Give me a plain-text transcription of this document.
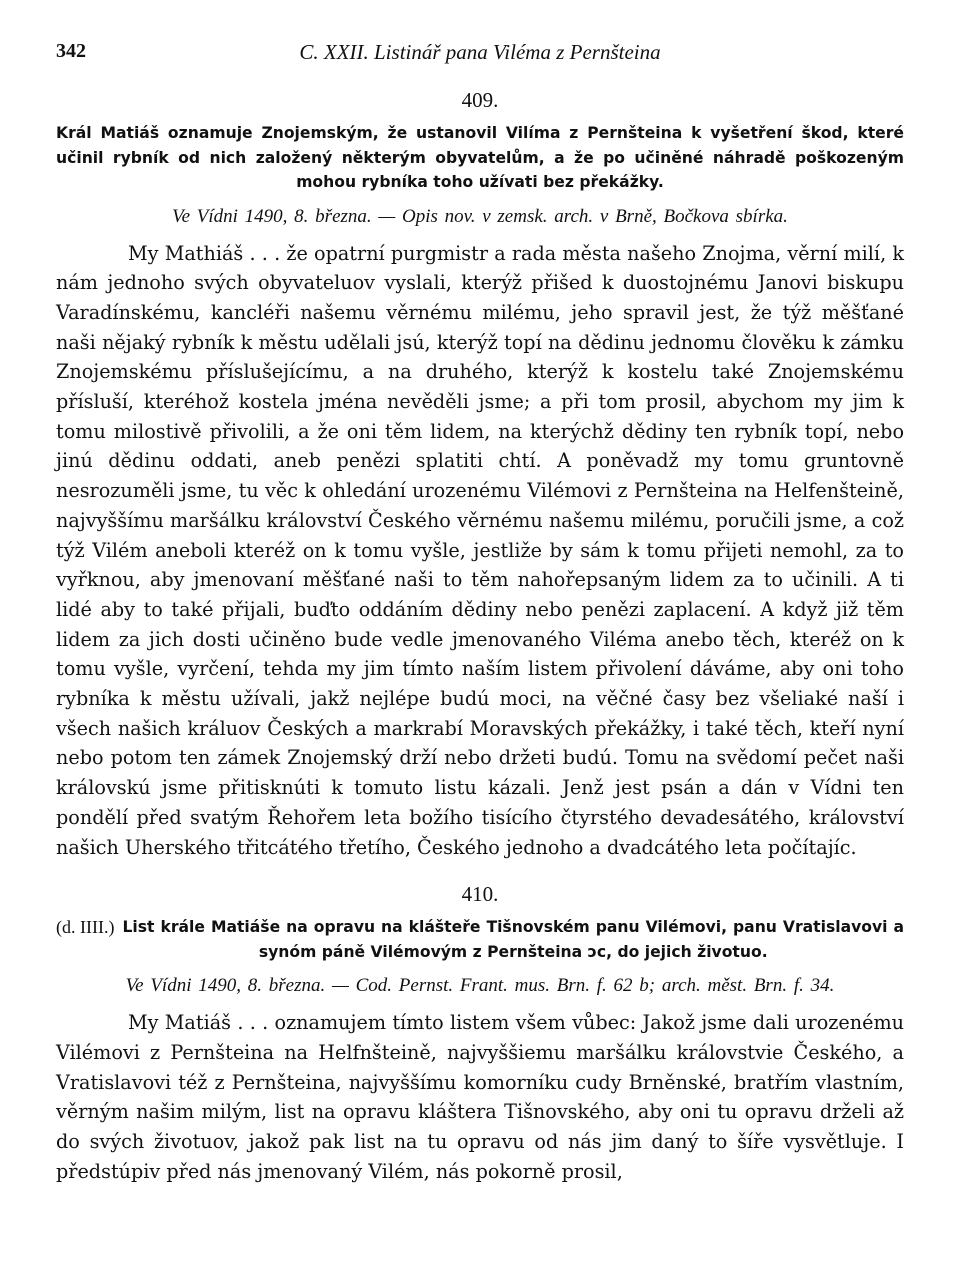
342	C. XXII. Listinář pana Viléma z Pernšteina
409.
Král Matiáš oznamuje Znojemským, že ustanovil Vilíma z Pernšteina k vyšetření škod, které učinil rybník od nich založený některým obyvatelům, a že po učiněné náhradě poškozeným mohou rybníka toho užívati bez překážky.
Ve Vídni 1490, 8. března. — Opis nov. v zemsk. arch. v Brně, Bočkova sbírka.

My Mathiáš . . . že opatrní purgmistr a rada města našeho Znojma, věrní milí, k nám jednoho svých obyvateluov vyslali, kterýž přišed k duostojnému Janovi biskupu Varadínskému, kancléři našemu věrnému milému, jeho spravil jest, že týž měšťané naši nějaký rybník k městu udělali jsú, kterýž topí na dědinu jednomu člověku k zámku Znojemskému příslušejícímu, a na druhého, kterýž k kostelu také Znojemskému přísluší, kteréhož kostela jména nevěděli jsme; a při tom prosil, abychom my jim k tomu milostivě přivolili, a že oni těm lidem, na kterýchž dědiny ten rybník topí, nebo jinú dědinu oddati, aneb penězi splatiti chtí. A poněvadž my tomu gruntovně nesrozuměli jsme, tu věc k ohledání urozenému Vilémovi z Pernšteina na Helfenšteině, najvyššímu maršálku království Českého věrnému našemu milému, poručili jsme, a což týž Vilém aneboli kteréž on k tomu vyšle, jestliže by sám k tomu přijeti nemohl, za to vyřknou, aby jmenovaní měšťané naši to těm nahořepsaným lidem za to učinili. A ti lidé aby to také přijali, buďto oddáním dědiny nebo penězi zaplacení. A když již těm lidem za jich dosti učiněno bude vedle jmenovaného Viléma anebo těch, kteréž on k tomu vyšle, vyrčení, tehda my jim tímto naším listem přivolení dáváme, aby oni toho rybníka k městu užívali, jakž nejlépe budú moci, na věčné časy bez všeliaké naší i všech našich králuov Českých a markrabí Moravských překážky, i také těch, kteří nyní nebo potom ten zámek Znojemský drží nebo držeti budú. Tomu na svědomí pečet naši královskú jsme přitisknúti k tomuto listu kázali. Jenž jest psán a dán v Vídni ten pondělí před svatým Řehořem leta božího tisícího čtyrstého devadesátého, království našich Uherského třitcátého třetího, Českého jednoho a dvadcátého leta počítajíc.

410.
(d. IIII.) List krále Matiáše na opravu na klášteře Tišnovském panu Vilémovi, panu Vratislavovi a synóm páně Vilémovým z Pernšteina ɔc, do jejich životuo.
Ve Vídni 1490, 8. března. — Cod. Pernst. Frant. mus. Brn. f. 62 b; arch. měst. Brn. f. 34.

My Matiáš . . . oznamujem tímto listem všem vůbec: Jakož jsme dali urozenému Vilémovi z Pernšteina na Helfnšteině, najvyššiemu maršálku královstvie Českého, a Vratislavovi též z Pernšteina, najvyššímu komorníku cudy Brněnské, bratřím vlastním, věrným našim milým, list na opravu kláštera Tišnovského, aby oni tu opravu drželi až do svých životuov, jakož pak list na tu opravu od nás jim daný to šíře vysvětluje. I předstúpiv před nás jmenovaný Vilém, nás pokorně prosil,
